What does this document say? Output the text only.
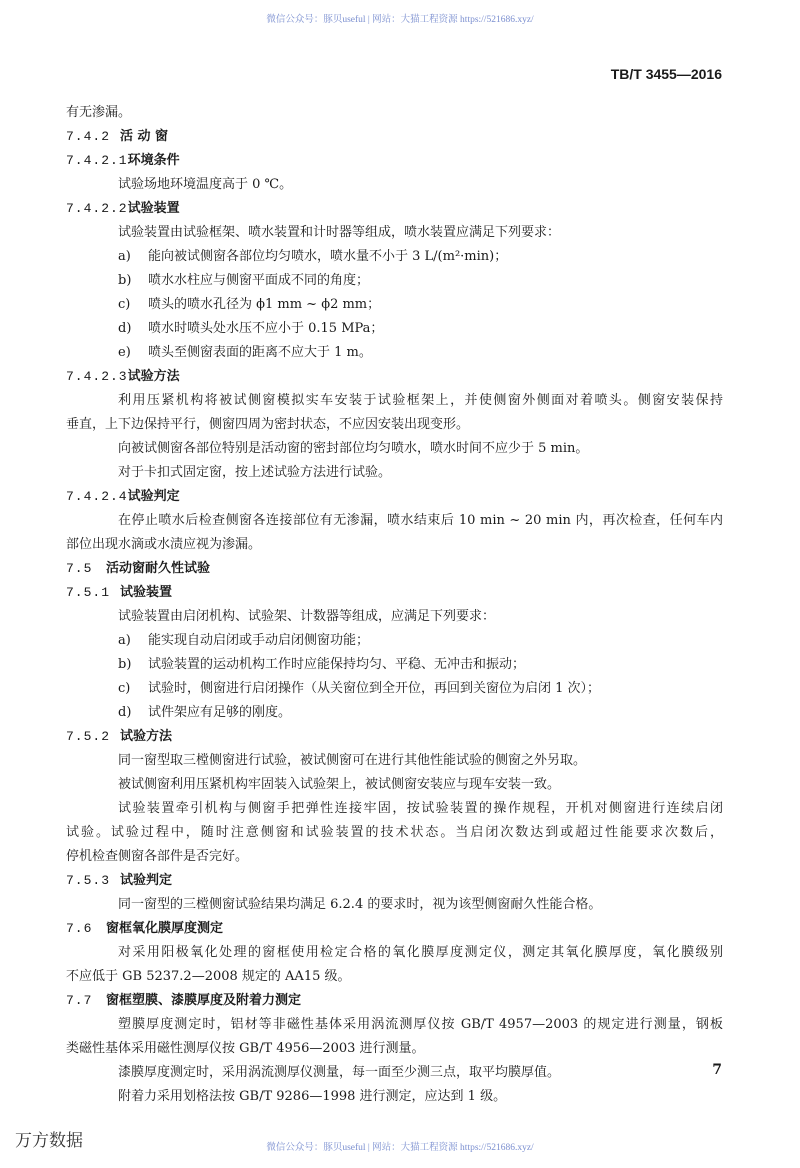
微信公众号：豚贝useful | 网站：大猫工程资源 https://521686.xyz/
TB/T 3455—2016
有无渗漏。
7.4.2 活 动 窗
7.4.2.1环境条件
试验场地环境温度高于 0 ℃。
7.4.2.2试验装置
试验装置由试验框架、喷水装置和计时器等组成，喷水装置应满足下列要求：
a) 能向被试侧窗各部位均匀喷水，喷水量不小于 3 L/(m²·min)；
b) 喷水水柱应与侧窗平面成不同的角度；
c) 喷头的喷水孔径为 ϕ1 mm ~ ϕ2 mm；
d) 喷水时喷头处水压不应小于 0.15 MPa；
e) 喷头至侧窗表面的距离不应大于 1 m。
7.4.2.3试验方法
利用压紧机构将被试侧窗模拟实车安装于试验框架上，并使侧窗外侧面对着喷头。侧窗安装保持
垂直，上下边保持平行，侧窗四周为密封状态，不应因安装出现变形。
向被试侧窗各部位特别是活动窗的密封部位均匀喷水，喷水时间不应少于 5 min。
对于卡扣式固定窗，按上述试验方法进行试验。
7.4.2.4试验判定
在停止喷水后检查侧窗各连接部位有无渗漏，喷水结束后 10 min ~ 20 min 内，再次检查，任何车内
部位出现水滴或水渍应视为渗漏。
7.5 活动窗耐久性试验
7.5.1 试验装置
试验装置由启闭机构、试验架、计数器等组成，应满足下列要求：
a) 能实现自动启闭或手动启闭侧窗功能；
b) 试验装置的运动机构工作时应能保持均匀、平稳、无冲击和振动；
c) 试验时，侧窗进行启闭操作（从关窗位到全开位，再回到关窗位为启闭 1 次）；
d) 试件架应有足够的刚度。
7.5.2 试验方法
同一窗型取三樘侧窗进行试验，被试侧窗可在进行其他性能试验的侧窗之外另取。
被试侧窗利用压紧机构牢固装入试验架上，被试侧窗安装应与现车安装一致。
试验装置牵引机构与侧窗手把弹性连接牢固，按试验装置的操作规程，开机对侧窗进行连续启闭
试验。试验过程中，随时注意侧窗和试验装置的技术状态。当启闭次数达到或超过性能要求次数后，
停机检查侧窗各部件是否完好。
7.5.3 试验判定
同一窗型的三樘侧窗试验结果均满足 6.2.4 的要求时，视为该型侧窗耐久性能合格。
7.6 窗框氧化膜厚度测定
对采用阳极氧化处理的窗框使用检定合格的氧化膜厚度测定仪，测定其氧化膜厚度，氧化膜级别
不应低于 GB 5237.2—2008 规定的 AA15 级。
7.7 窗框塑膜、漆膜厚度及附着力测定
塑膜厚度测定时，铝材等非磁性基体采用涡流测厚仪按 GB/T 4957—2003 的规定进行测量，钢板
类磁性基体采用磁性测厚仪按 GB/T 4956—2003 进行测量。
漆膜厚度测定时，采用涡流测厚仪测量，每一面至少测三点，取平均膜厚值。
附着力采用划格法按 GB/T 9286—1998 进行测定，应达到 1 级。
7
万方数据	微信公众号：豚贝useful | 网站：大猫工程资源 https://521686.xyz/
